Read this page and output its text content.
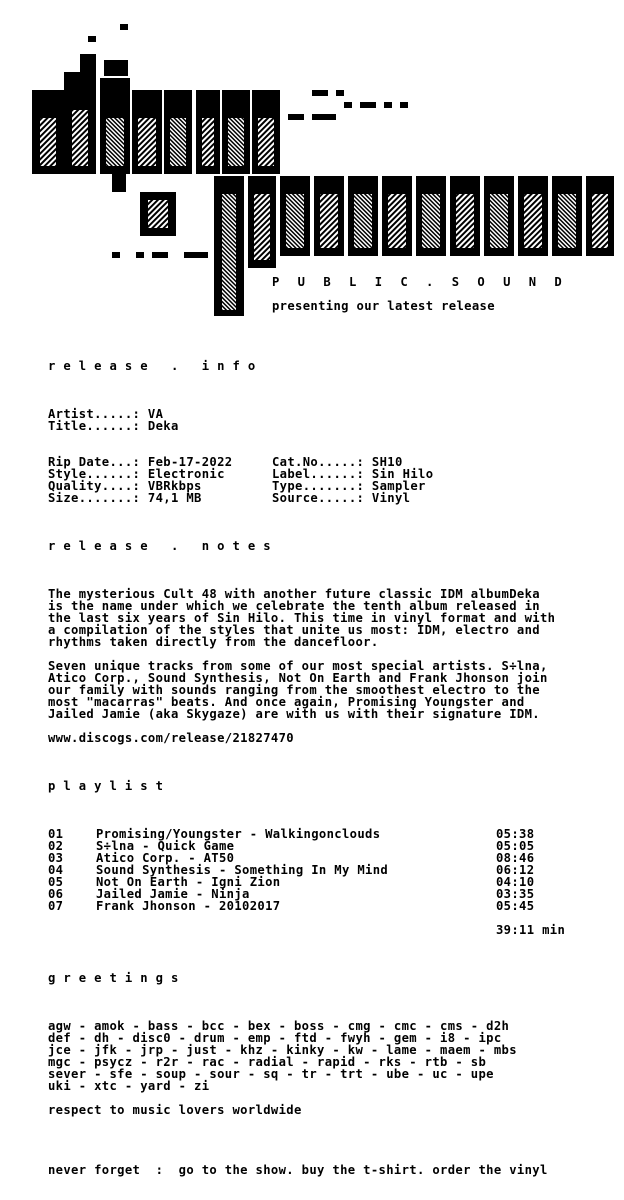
P U B L I C . S O U N D
presenting our latest release
r e l e a s e   .   i n f o
Artist.....: VA
Title......: Deka
Rip Date...: Feb-17-2022
Style......: Electronic
Quality....: VBRkbps
Size.......: 74,1 MB
Cat.No.....: SH10
Label......: Sin Hilo
Type.......: Sampler
Source.....: Vinyl
r e l e a s e   .   n o t e s
The mysterious Cult 48 with another future classic IDM albumDeka
is the name under which we celebrate the tenth album released in
the last six years of Sin Hilo. This time in vinyl format and with
a compilation of the styles that unite us most: IDM, electro and
rhythms taken directly from the dancefloor.
Seven unique tracks from some of our most special artists. S÷lna,
Atico Corp., Sound Synthesis, Not On Earth and Frank Jhonson join
our family with sounds ranging from the smoothest electro to the
most "macarras" beats. And once again, Promising Youngster and
Jailed Jamie (aka Skygaze) are with us with their signature IDM.
www.discogs.com/release/21827470
p l a y l i s t
01	Promising/Youngster - Walkingonclouds	05:38
02	S÷lna - Quick Game	05:05
03	Atico Corp. - AT50	08:46
04	Sound Synthesis - Something In My Mind	06:12
05	Not On Earth - Igni Zion	04:10
06	Jailed Jamie - Ninja	03:35
07	Frank Jhonson - 20102017	05:45
39:11 min
g r e e t i n g s
agw - amok - bass - bcc - bex - boss - cmg - cmc - cms - d2h
def - dh - disc0 - drum - emp - ftd - fwyh - gem - i8 - ipc
jce - jfk - jrp - just - khz - kinky - kw - lame - maem - mbs
mgc - psycz - r2r - rac - radial - rapid - rks - rtb - sb
sever - sfe - soup - sour - sq - tr - trt - ube - uc - upe
uki - xtc - yard - zi
respect to music lovers worldwide
never forget  :  go to the show. buy the t-shirt. order the vinyl
